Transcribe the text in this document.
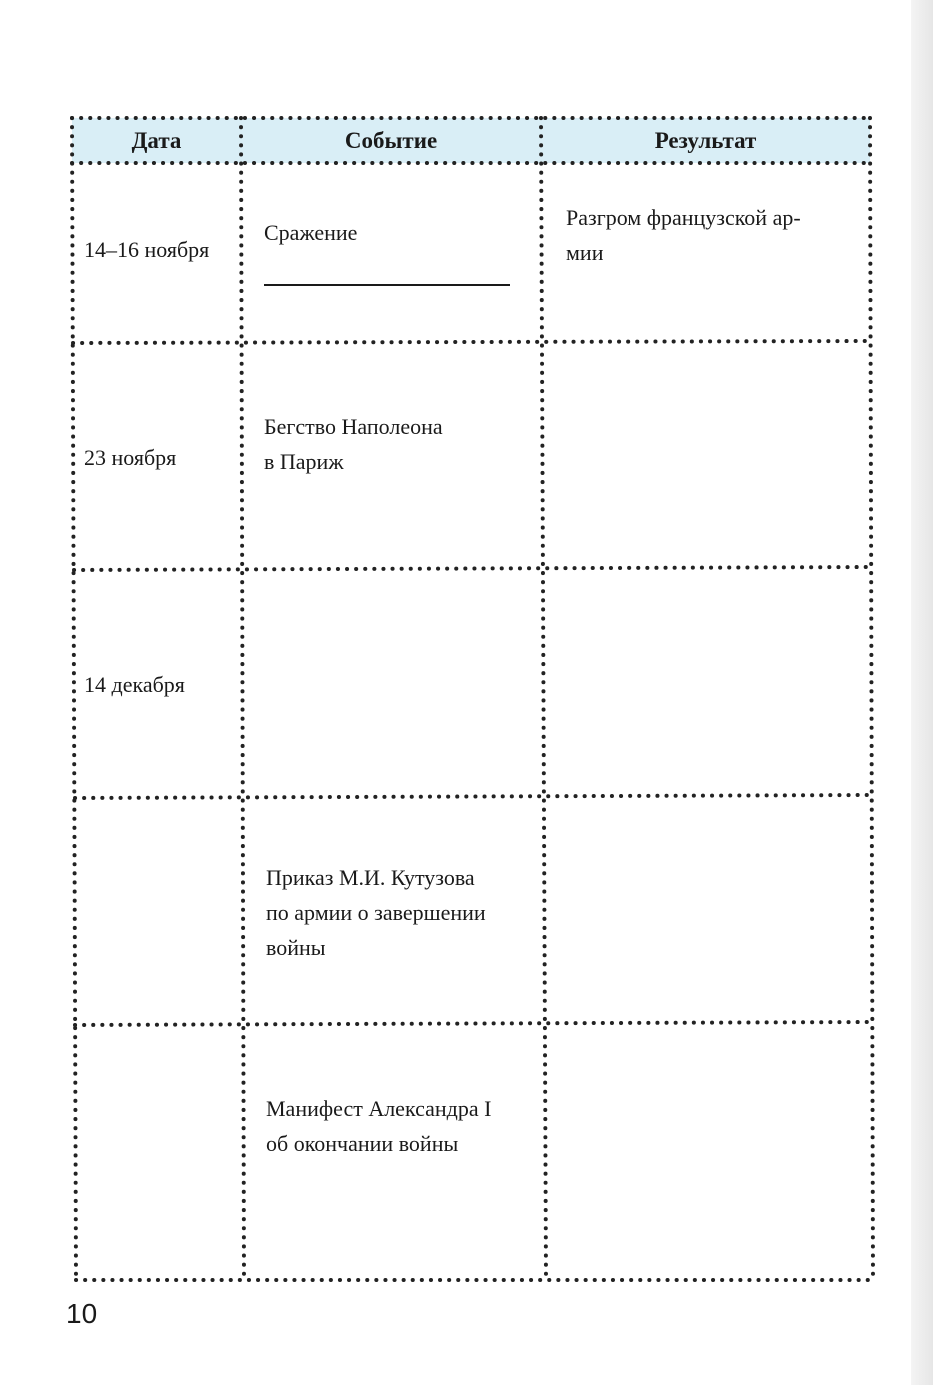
Дата	Событие	Результат
14–16 ноября
Сражение
Разгром французской ар-
мии
23 ноября
Бегство Наполеона
в Париж
14 декабря
Приказ М.И. Кутузова
по армии о завершении
войны
Манифест Александра I
об окончании войны
10
